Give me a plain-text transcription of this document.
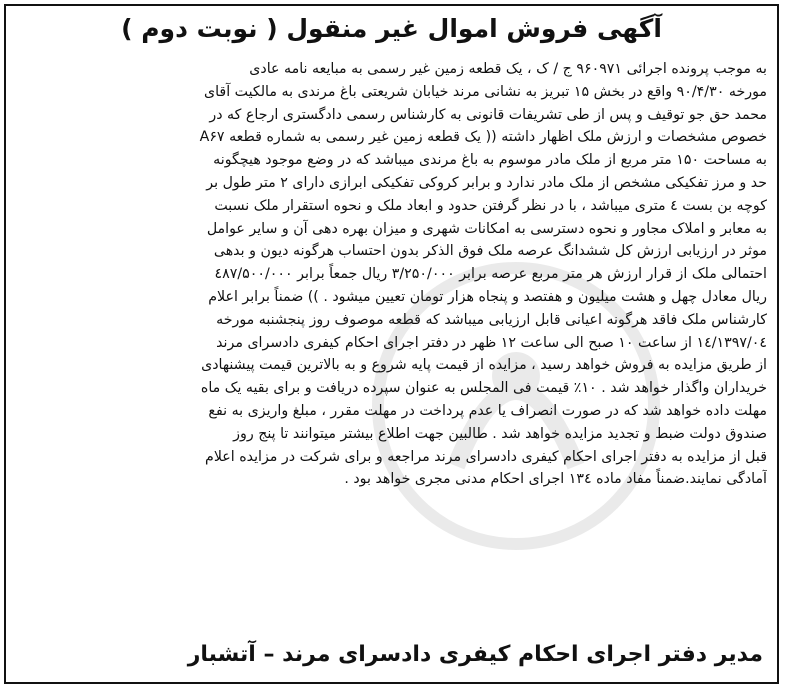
آگهی فروش اموال غیر منقول ( نوبت دوم )
به موجب پرونده اجرائی ۹۶۰۹۷۱ ج / ک ، یک قطعه زمین غیر رسمی به مبایعه نامه عادی
مورخه ۹۰/۴/۳۰ واقع در بخش ۱۵ تبریز به نشانی مرند خیابان شریعتی باغ مرندی به مالکیت آقای
محمد حق جو توقیف و پس از طی تشریفات قانونی به کارشناس رسمی دادگستری ارجاع که در
خصوص مشخصات و ارزش ملک اظهار داشته (( یک قطعه زمین غیر رسمی به شماره قطعه A۶۷
به مساحت ۱۵۰ متر مربع از ملک مادر موسوم به باغ مرندی میباشد که در وضع موجود هیچگونه
حد و مرز تفکیکی مشخص از ملک مادر ندارد و برابر کروکی تفکیکی ابرازی دارای ۲ متر طول بر
کوچه بن بست ٤ متری میباشد ، با در نظر گرفتن حدود و ابعاد ملک و نحوه استقرار ملک نسبت
به معابر و املاک مجاور و نحوه دسترسی به امکانات شهری و میزان بهره دهی آن و سایر عوامل
موثر در ارزیابی ارزش کل ششدانگ عرصه ملک فوق الذکر بدون احتساب هرگونه دیون و بدهی
احتمالی ملک از قرار ارزش هر متر مربع عرصه برابر ۳/۲۵۰/۰۰۰ ریال جمعاً برابر ٤۸۷/۵۰۰/۰۰۰
ریال معادل چهل و هشت میلیون و هفتصد و پنجاه هزار تومان تعیین میشود . )) ضمناً برابر اعلام
کارشناس ملک فاقد هرگونه اعیانی قابل ارزیابی میباشد که قطعه موصوف روز پنجشنبه مورخه
۱۳۹۷/۰٤/۱٤ از ساعت ۱۰ صبح الی ساعت ۱۲ ظهر در دفتر اجرای احکام کیفری دادسرای مرند
از طریق مزایده به فروش خواهد رسید ، مزایده از قیمت پایه شروع و به بالاترین قیمت پیشنهادی
خریداران واگذار خواهد شد . ۱۰٪ قیمت فی المجلس به عنوان سپرده دریافت و برای بقیه یک ماه
مهلت داده خواهد شد که در صورت انصراف یا عدم پرداخت در مهلت مقرر ، مبلغ واریزی به نفع
صندوق دولت ضبط و تجدید مزایده خواهد شد . طالبین جهت اطلاع بیشتر میتوانند تا پنج روز
قبل از مزایده به دفتر اجرای احکام کیفری دادسرای مرند مراجعه و برای شرکت در مزایده اعلام
آمادگی نمایند.ضمناً مفاد ماده ۱۳٤ اجرای احکام مدنی مجری خواهد بود .
مدیر دفتر اجرای احکام کیفری دادسرای مرند – آتشبار
